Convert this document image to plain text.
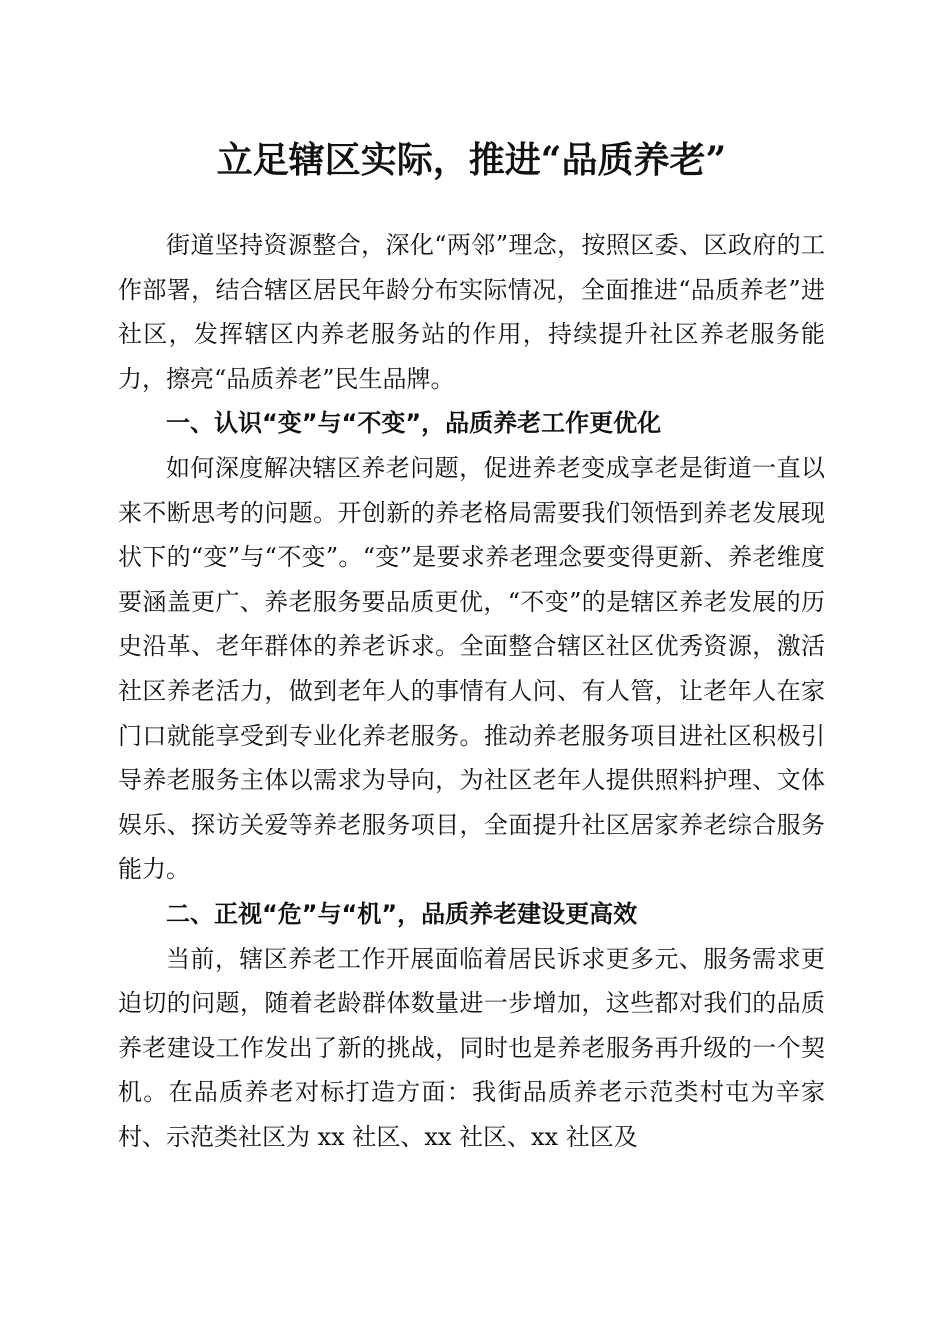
立足辖区实际，推进“品质养老”

街道坚持资源整合，深化“两邻”理念，按照区委、区政府的工作部署，结合辖区居民年龄分布实际情况，全面推进“品质养老”进社区，发挥辖区内养老服务站的作用，持续提升社区养老服务能力，擦亮“品质养老”民生品牌。

一、认识“变”与“不变”，品质养老工作更优化

如何深度解决辖区养老问题，促进养老变成享老是街道一直以来不断思考的问题。开创新的养老格局需要我们领悟到养老发展现状下的“变”与“不变”。“变”是要求养老理念要变得更新、养老维度要涵盖更广、养老服务要品质更优，“不变”的是辖区养老发展的历史沿革、老年群体的养老诉求。全面整合辖区社区优秀资源，激活社区养老活力，做到老年人的事情有人问、有人管，让老年人在家门口就能享受到专业化养老服务。推动养老服务项目进社区积极引导养老服务主体以需求为导向，为社区老年人提供照料护理、文体娱乐、探访关爱等养老服务项目，全面提升社区居家养老综合服务能力。

二、正视“危”与“机”，品质养老建设更高效

当前，辖区养老工作开展面临着居民诉求更多元、服务需求更迫切的问题，随着老龄群体数量进一步增加，这些都对我们的品质养老建设工作发出了新的挑战，同时也是养老服务再升级的一个契机。在品质养老对标打造方面：我街品质养老示范类村屯为辛家村、示范类社区为 xx 社区、xx 社区、xx 社区及
